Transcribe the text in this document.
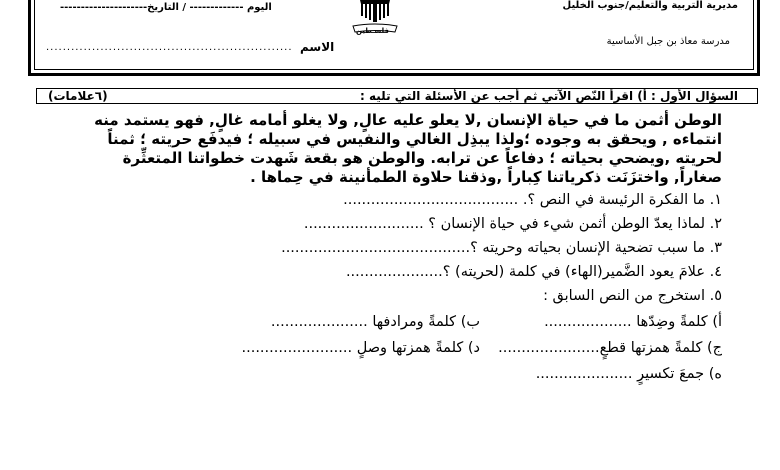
اليوم ------------- / التاريخ---------------------
الاسم
...........................................................
فلسـطين
مديرية التربية والتعليم/جنوب الخليل
مدرسة معاذ بن جبل الأساسية
السؤال الأول : أ) اقرأ النّص الآتي ثم أجب عن الأسئلة التي تليه :
(٦علامات)
الوطن أثمن ما في حياة الإنسان ,لا يعلو عليه عالٍ, ولا يغلو أمامه غالٍ, فهو يستمد منه
انتماءه , ويحقق به وجوده ؛ولذا يبذِل الغالي والنفيس في سبيله ؛ فيدفَع حريته ؛ ثمناً
لحريته ,ويضحي بحياته ؛ دفاعاً عن ترابه. والوطن هو بقعة شَهدت خطواتنا المتعثِّرة
صغاراً, واختزَنَت ذكرياتنا كِباراً ,وذقنا حلاوة الطمأنينة في حِماها .
١. ما الفكرة الرئيسة في النص ؟. ......................................
٢. لماذا يعدّ الوطن أثمن شيء في حياة الإنسان ؟ ..........................
٣. ما سبب تضحية الإنسان بحياته وحريته ؟.........................................
٤. علامَ يعود الضَّمير(الهاء) في كلمة (لحريته) ؟.....................
٥. استخرج من النص السابق :
أ) كلمةً وضِدّها ...................
ب) كلمةً ومرادفها .....................
ج) كلمةً همزتها قطعٍ......................
د) كلمةً همزتها وصلٍ ........................
ه) جمعَ تكسيرٍ .....................
